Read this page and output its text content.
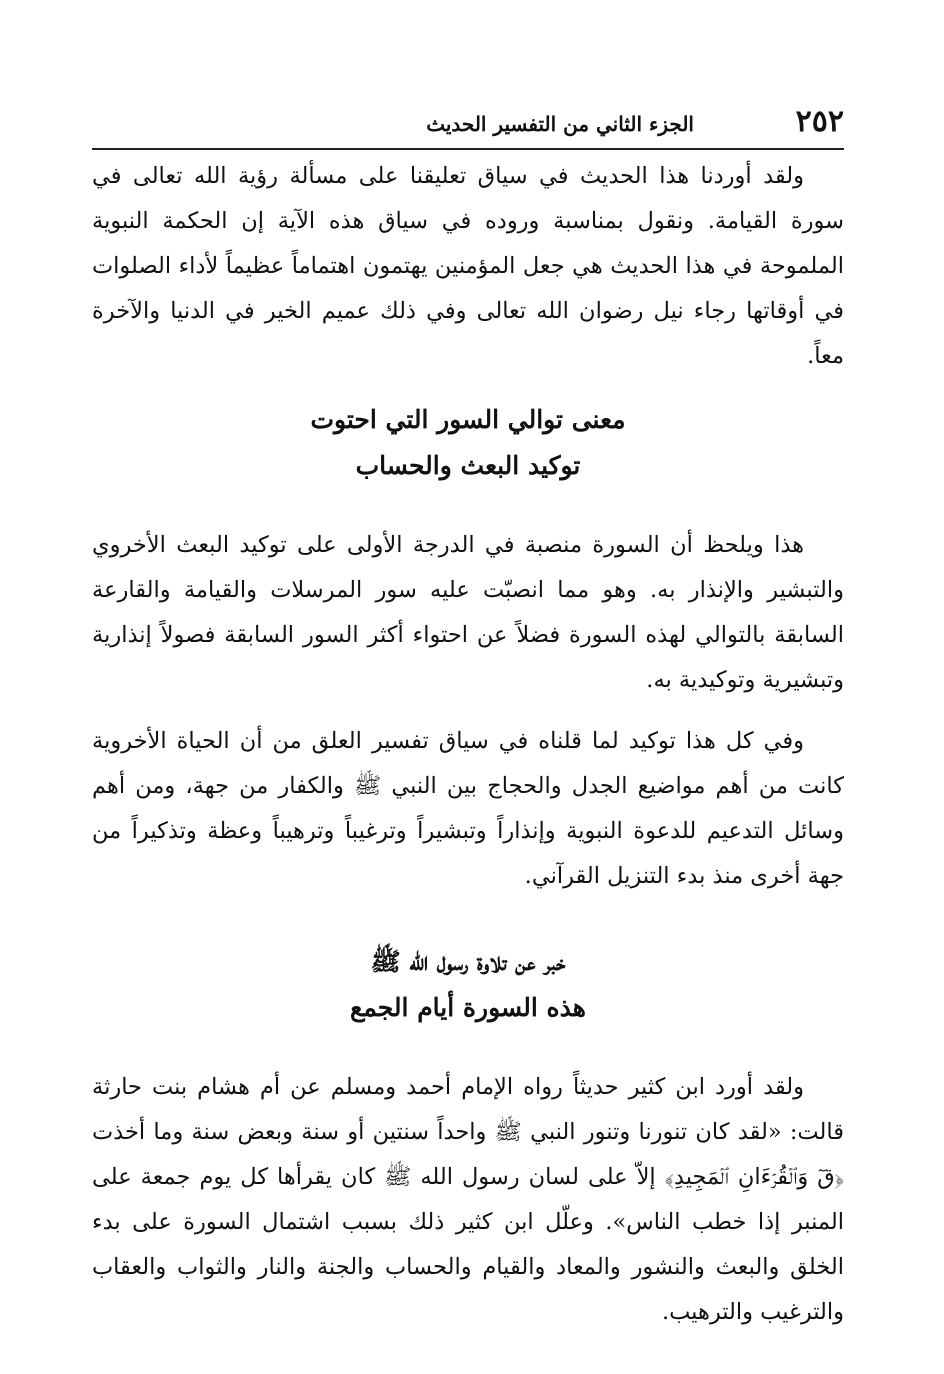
٢٥٢
الجزء الثاني من التفسير الحديث

ولقد أوردنا هذا الحديث في سياق تعليقنا على مسألة رؤية الله تعالى في سورة القيامة. ونقول بمناسبة وروده في سياق هذه الآية إن الحكمة النبوية الملموحة في هذا الحديث هي جعل المؤمنين يهتمون اهتماماً عظيماً لأداء الصلوات في أوقاتها رجاء نيل رضوان الله تعالى وفي ذلك عميم الخير في الدنيا والآخرة معاً.

معنى توالي السور التي احتوت

توكيد البعث والحساب

هذا ويلحظ أن السورة منصبة في الدرجة الأولى على توكيد البعث الأخروي والتبشير والإنذار به. وهو مما انصبّت عليه سور المرسلات والقيامة والقارعة السابقة بالتوالي لهذه السورة فضلاً عن احتواء أكثر السور السابقة فصولاً إنذارية وتبشيرية وتوكيدية به.

وفي كل هذا توكيد لما قلناه في سياق تفسير العلق من أن الحياة الأخروية كانت من أهم مواضيع الجدل والحجاج بين النبي ﷺ والكفار من جهة، ومن أهم وسائل التدعيم للدعوة النبوية وإنذاراً وتبشيراً وترغيباً وترهيباً وعظة وتذكيراً من جهة أخرى منذ بدء التنزيل القرآني.

خبر عن تلاوة رسول الله ﷺ

هذه السورة أيام الجمع

ولقد أورد ابن كثير حديثاً رواه الإمام أحمد ومسلم عن أم هشام بنت حارثة قالت: «لقد كان تنورنا وتنور النبي ﷺ واحداً سنتين أو سنة وبعض سنة وما أخذت ﴿قٓ وَٱلۡقُرۡءَانِ ٱلۡمَجِيدِ﴾ إلاّ على لسان رسول الله ﷺ كان يقرأها كل يوم جمعة على المنبر إذا خطب الناس». وعلّل ابن كثير ذلك بسبب اشتمال السورة على بدء الخلق والبعث والنشور والمعاد والقيام والحساب والجنة والنار والثواب والعقاب والترغيب والترهيب.
